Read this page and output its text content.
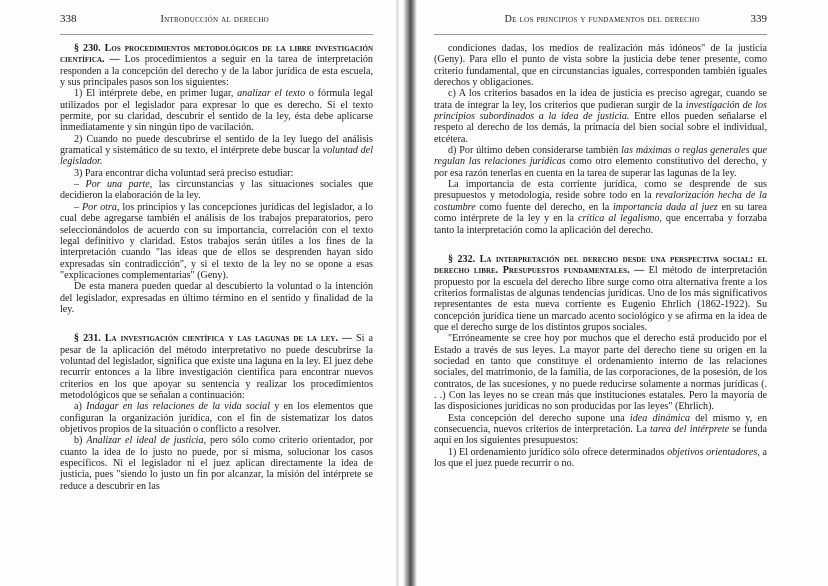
338	Introducción al derecho

§ 230. Los procedimientos metodológicos de la libre investigación científica. — Los procedimientos a seguir en la tarea de interpretación responden a la concepción del derecho y de la labor jurídica de esta escuela, y sus principales pasos son los siguientes:

1) El intérprete debe, en primer lugar, analizar el texto o fórmula legal utilizados por el legislador para expresar lo que es derecho. Si el texto permite, por su claridad, descubrir el sentido de la ley, ésta debe aplicarse inmediatamente y sin ningún tipo de vacilación.

2) Cuando no puede descubrirse el sentido de la ley luego del análisis gramatical y sistemático de su texto, el intérprete debe buscar la voluntad del legislador.

3) Para encontrar dicha voluntad será preciso estudiar:

– Por una parte, las circunstancias y las situaciones sociales que decidieron la elaboración de la ley.

– Por otra, los principios y las concepciones jurídicas del legislador, a lo cual debe agregarse también el análisis de los trabajos preparatorios, pero seleccionándolos de acuerdo con su importancia, correlación con el texto legal definitivo y claridad. Estos trabajos serán útiles a los fines de la interpretación cuando "las ideas que de ellos se desprenden hayan sido expresadas sin contradicción", y si el texto de la ley no se opone a esas "explicaciones complementarias" (Geny).

De esta manera pueden quedar al descubierto la voluntad o la intención del legislador, expresadas en último término en el sentido y finalidad de la ley.

§ 231. La investigación científica y las lagunas de la ley. — Si a pesar de la aplicación del método interpretativo no puede descubrirse la voluntad del legislador, significa que existe una laguna en la ley. El juez debe recurrir entonces a la libre investigación científica para encontrar nuevos criterios en los que apoyar su sentencia y realizar los procedimientos metodológicos que se señalan a continuación:

a) Indagar en las relaciones de la vida social y en los elementos que configuran la organización jurídica, con el fin de sistematizar los datos objetivos propios de la situación o conflicto a resolver.

b) Analizar el ideal de justicia, pero sólo como criterio orientador, por cuanto la idea de lo justo no puede, por sí misma, solucionar los casos específicos. Ni el legislador ni el juez aplican directamente la idea de justicia, pues "siendo lo justo un fin por alcanzar, la misión del intérprete se reduce a descubrir en las

De los principios y fundamentos del derecho	339

condiciones dadas, los medios de realización más idóneos" de la justicia (Geny). Para ello el punto de vista sobre la justicia debe tener presente, como criterio fundamental, que en circunstancias iguales, corresponden también iguales derechos y obligaciones.

c) A los criterios basados en la idea de justicia es preciso agregar, cuando se trata de integrar la ley, los criterios que pudieran surgir de la investigación de los principios subordinados a la idea de justicia. Entre ellos pueden señalarse el respeto al derecho de los demás, la primacía del bien social sobre el individual, etcétera.

d) Por último deben considerarse también las máximas o reglas generales que regulan las relaciones jurídicas como otro elemento constitutivo del derecho, y por esa razón tenerlas en cuenta en la tarea de superar las lagunas de la ley.

La importancia de esta corriente jurídica, como se desprende de sus presupuestos y metodología, reside sobre todo en la revalorización hecha de la costumbre como fuente del derecho, en la importancia dada al juez en su tarea como intérprete de la ley y en la crítica al legalismo, que encerraba y forzaba tanto la interpretación como la aplicación del derecho.

§ 232. La interpretación del derecho desde una perspectiva social: el derecho libre. Presupuestos fundamentales. — El método de interpretación propuesto por la escuela del derecho libre surge como otra alternativa frente a los criterios formalistas de algunas tendencias jurídicas. Uno de los más significativos representantes de esta nueva corriente es Eugenio Ehrlich (1862-1922). Su concepción jurídica tiene un marcado acento sociológico y se afirma en la idea de que el derecho surge de los distintos grupos sociales.

"Erróneamente se cree hoy por muchos que el derecho está producido por el Estado a través de sus leyes. La mayor parte del derecho tiene su origen en la sociedad en tanto que constituye el ordenamiento interno de las relaciones sociales, del matrimonio, de la familia, de las corporaciones, de la posesión, de los contratos, de las sucesiones, y no puede reducirse solamente a normas jurídicas (. . .) Con las leyes no se crean más que instituciones estatales. Pero la mayoría de las disposiciones jurídicas no son producidas por las leyes" (Ehrlich).

Esta concepción del derecho supone una idea dinámica del mismo y, en consecuencia, nuevos criterios de interpretación. La tarea del intérprete se funda aquí en los siguientes presupuestos:

1) El ordenamiento jurídico sólo ofrece determinados objetivos orientadores, a los que el juez puede recurrir o no.
